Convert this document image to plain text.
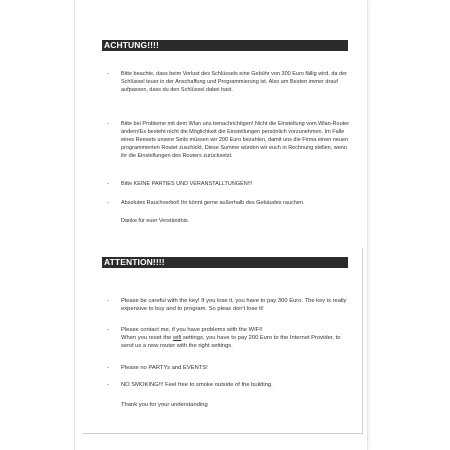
ACHTUNG!!!!
- Bitte beachte, dass beim Verlust des Schlüssels eine Gebühr von 300 Euro fällig wird, da der Schlüssel teuer in der Anschaffung und Programmierung ist. Also am Besten immer drauf aufpassen, dass du den Schlüssel dabei hast.
- Bitte bei Probleme mit dem Wlan uns benachrichtigen! Nicht die Einstellung vom Wlan-Router ändern!Es besteht nicht die Möglichkeit die Einstellungen persönlich vorzunehmen. Im Falle eines Reesets unsere Seits müssen wir 200 Euro bezahlen, damit uns die Firma einen neuen programmierten Routet zuschickt. Diese Summe würden wir euch in Rechnung stellen, wenn ihr die Einstellungen des Routers zurücksetzt.
- Bitte KEINE PARTIES UND VERANSTALLTUNGEN!!!
- Absolutes Rauchverbot! Ihr könnt gerne außerhalb des Gebäudes rauchen.
Danke für euer Verständnis.
ATTENTION!!!!
- Please be careful with the key! If you lose it, you have to pay 300 Euro. The key is really expensive to buy and to program. So pleas don't lose it!
- Please contact me, if you have problems with the WIFI!

When you reset the wifi settings, you have to pay 200 Euro to the Internet Provider, to send us a new router with the right settings.

- Please no PARTYs and EVENTS!
- NO SMOKING!!! Feel free to smoke outside of the building.
Thank you for your understanding
